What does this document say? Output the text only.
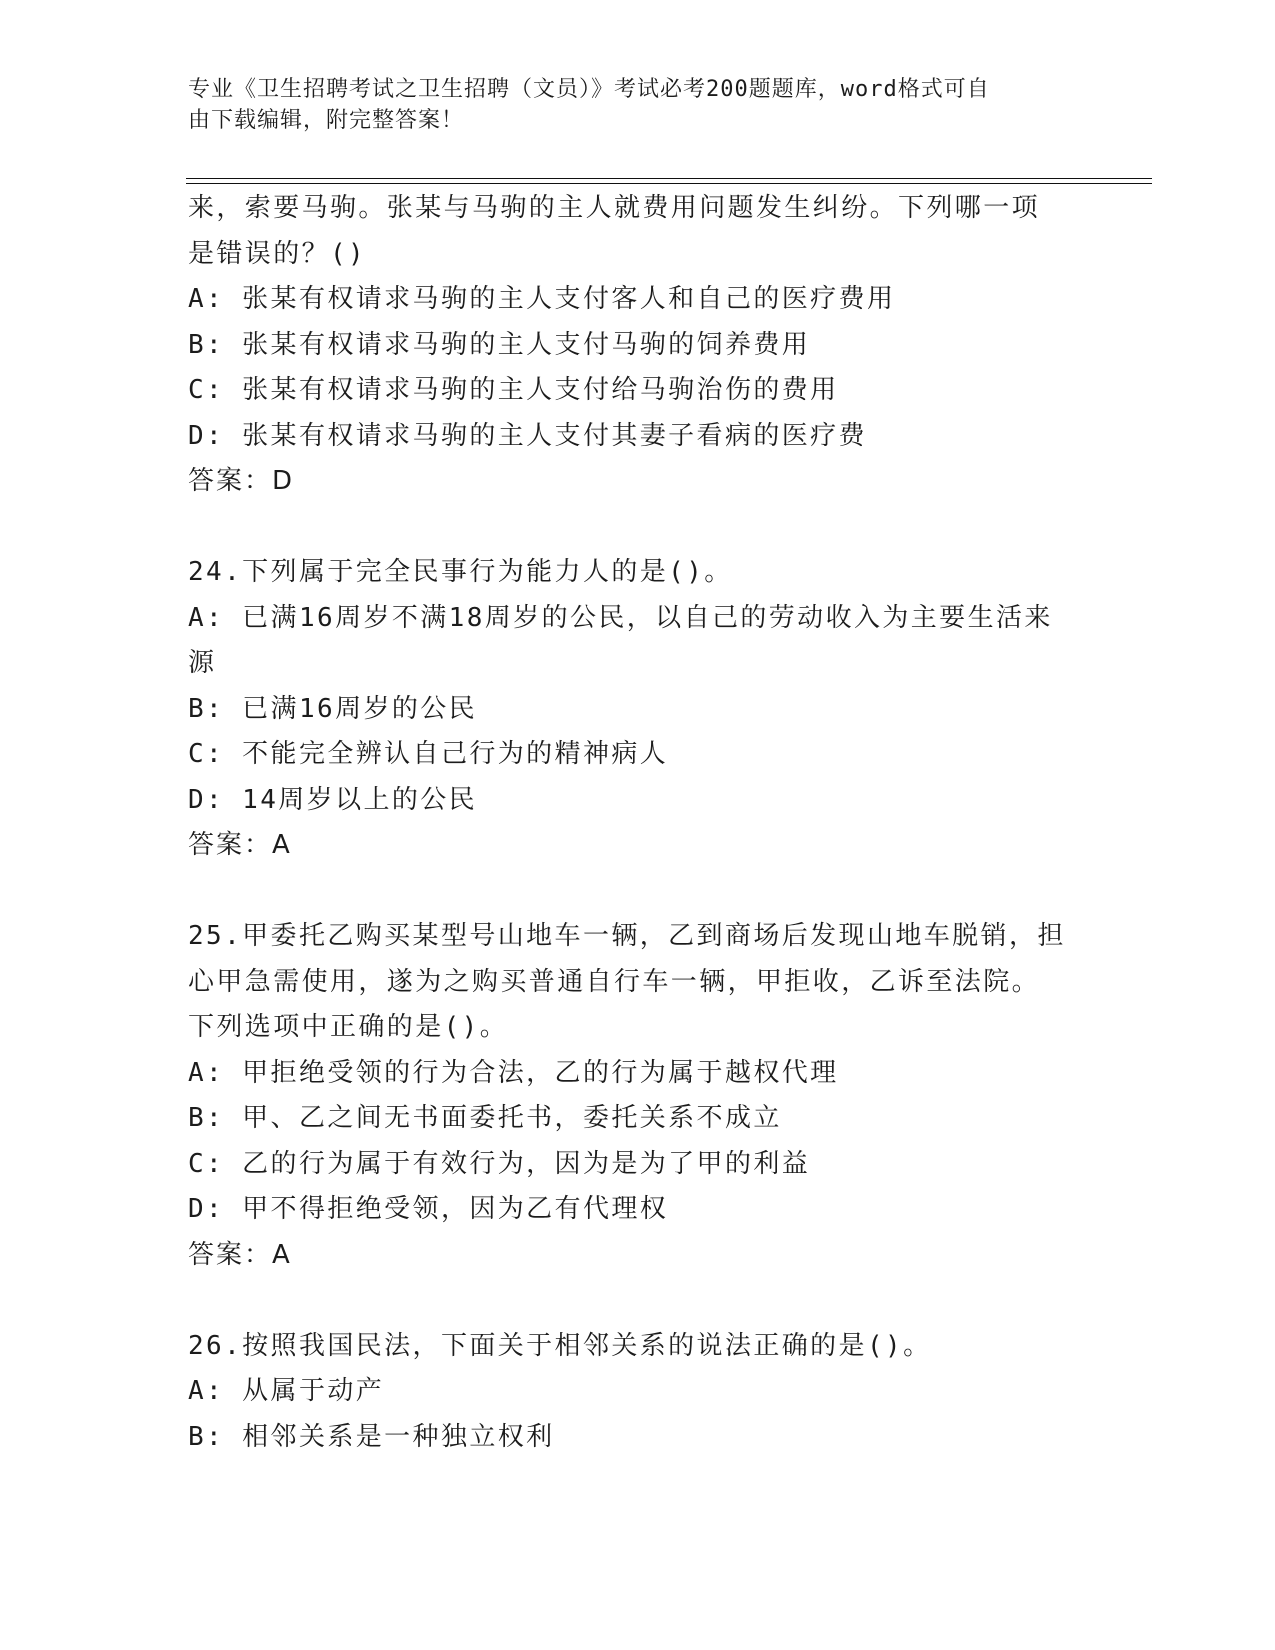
专业《卫生招聘考试之卫生招聘（文员）》考试必考200题题库，word格式可自
由下载编辑，附完整答案！
来，索要马驹。张某与马驹的主人就费用问题发生纠纷。下列哪一项
是错误的？()
A: 张某有权请求马驹的主人支付客人和自己的医疗费用
B: 张某有权请求马驹的主人支付马驹的饲养费用
C: 张某有权请求马驹的主人支付给马驹治伤的费用
D: 张某有权请求马驹的主人支付其妻子看病的医疗费
答案：D
24.下列属于完全民事行为能力人的是()。
A: 已满16周岁不满18周岁的公民，以自己的劳动收入为主要生活来
源
B: 已满16周岁的公民
C: 不能完全辨认自己行为的精神病人
D: 14周岁以上的公民
答案：A
25.甲委托乙购买某型号山地车一辆，乙到商场后发现山地车脱销，担
心甲急需使用，遂为之购买普通自行车一辆，甲拒收，乙诉至法院。
下列选项中正确的是()。
A: 甲拒绝受领的行为合法，乙的行为属于越权代理
B: 甲、乙之间无书面委托书，委托关系不成立
C: 乙的行为属于有效行为，因为是为了甲的利益
D: 甲不得拒绝受领，因为乙有代理权
答案：A
26.按照我国民法，下面关于相邻关系的说法正确的是()。
A: 从属于动产
B: 相邻关系是一种独立权利
